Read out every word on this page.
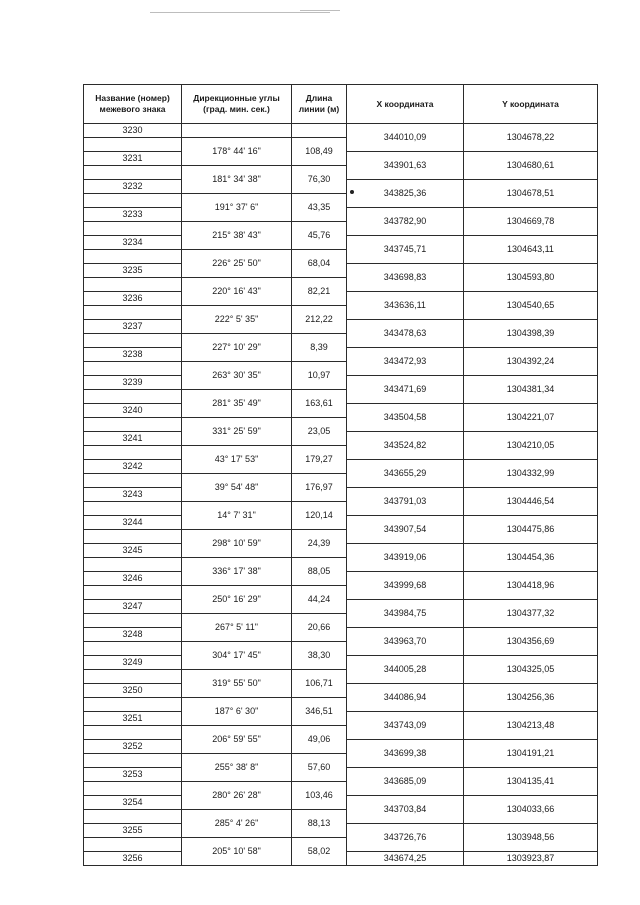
Название (номер) межевого знака	Дирекционные углы (град. мин. сек.)	Длина линии (м)	X координата	Y координата
3230			344010,09	1304678,22
	178° 44' 16"	108,49		
3231			343901,63	1304680,61
	181° 34' 38"	76,30		
3232			343825,36	1304678,51
	191° 37' 6"	43,35		
3233			343782,90	1304669,78
	215° 38' 43"	45,76		
3234			343745,71	1304643,11
	226° 25' 50"	68,04		
3235			343698,83	1304593,80
	220° 16' 43"	82,21		
3236			343636,11	1304540,65
	222° 5' 35"	212,22		
3237			343478,63	1304398,39
	227° 10' 29"	8,39		
3238			343472,93	1304392,24
	263° 30' 35"	10,97		
3239			343471,69	1304381,34
	281° 35' 49"	163,61		
3240			343504,58	1304221,07
	331° 25' 59"	23,05		
3241			343524,82	1304210,05
	43° 17' 53"	179,27		
3242			343655,29	1304332,99
	39° 54' 48"	176,97		
3243			343791,03	1304446,54
	14° 7' 31"	120,14		
3244			343907,54	1304475,86
	298° 10' 59"	24,39		
3245			343919,06	1304454,36
	336° 17' 38"	88,05		
3246			343999,68	1304418,96
	250° 16' 29"	44,24		
3247			343984,75	1304377,32
	267° 5' 11"	20,66		
3248			343963,70	1304356,69
	304° 17' 45"	38,30		
3249			344005,28	1304325,05
	319° 55' 50"	106,71		
3250			344086,94	1304256,36
	187° 6' 30"	346,51		
3251			343743,09	1304213,48
	206° 59' 55"	49,06		
3252			343699,38	1304191,21
	255° 38' 8"	57,60		
3253			343685,09	1304135,41
	280° 26' 28"	103,46		
3254			343703,84	1304033,66
	285° 4' 26"	88,13		
3255			343726,76	1303948,56
	205° 10' 58"	58,02		
3256			343674,25	1303923,87
